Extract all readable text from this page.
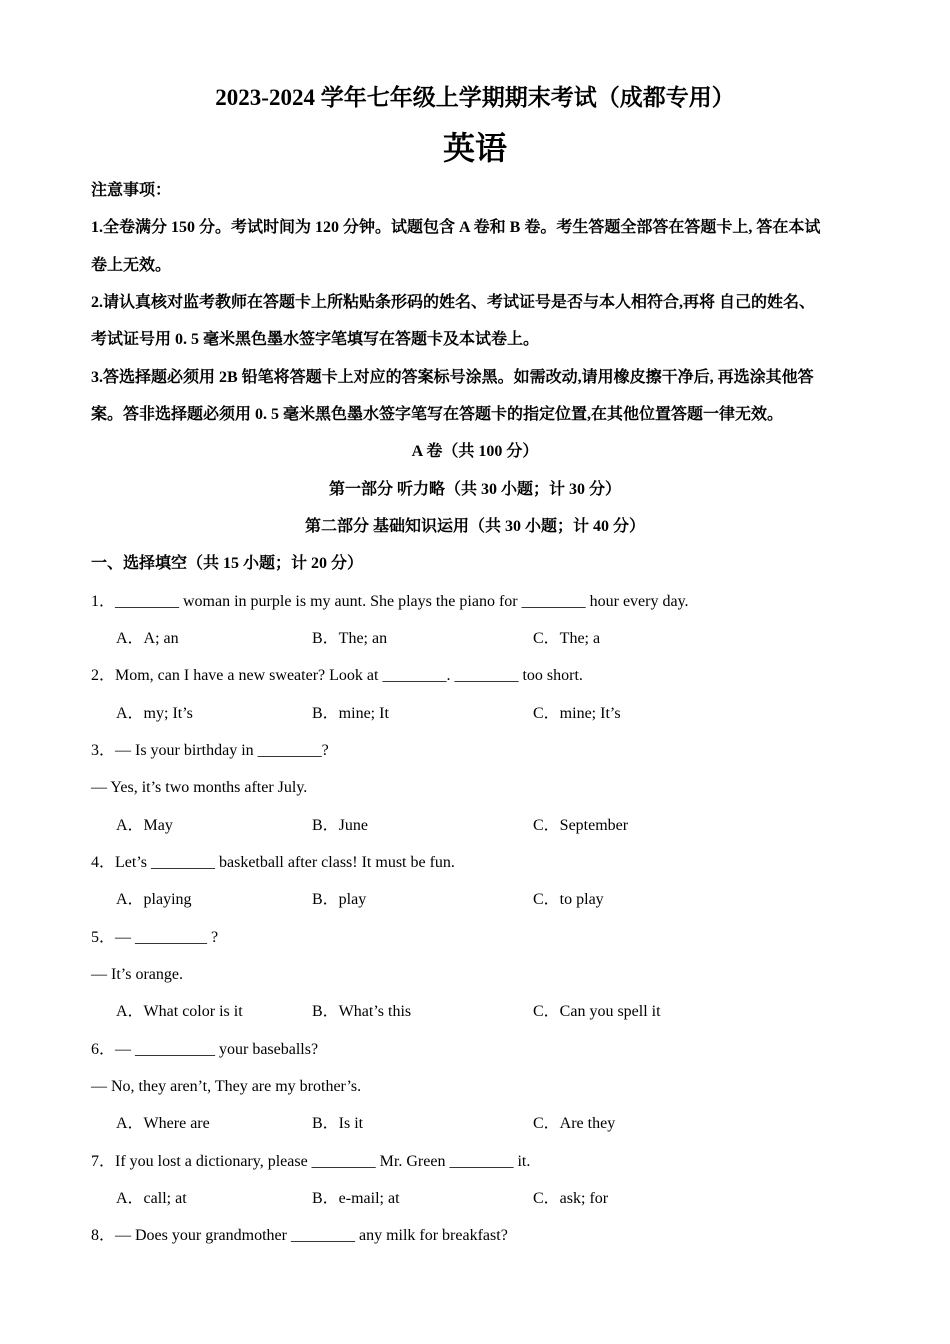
2023-2024 学年七年级上学期期末考试（成都专用）
英语
注意事项：
1.全卷满分 150 分。考试时间为 120 分钟。试题包含 A 卷和 B 卷。考生答题全部答在答题卡上, 答在本试
卷上无效。
2.请认真核对监考教师在答题卡上所粘贴条形码的姓名、考试证号是否与本人相符合,再将 自己的姓名、
考试证号用 0. 5 毫米黑色墨水签字笔填写在答题卡及本试卷上。
3.答选择题必须用 2B 铅笔将答题卡上对应的答案标号涂黑。如需改动,请用橡皮擦干净后, 再选涂其他答
案。答非选择题必须用 0. 5 毫米黑色墨水签字笔写在答题卡的指定位置,在其他位置答题一律无效。
A 卷（共 100 分）
第一部分 听力略（共 30 小题；计 30 分）
第二部分 基础知识运用（共 30 小题；计 40 分）
一、选择填空（共 15 小题；计 20 分）
1．________ woman in purple is my aunt. She plays the piano for ________ hour every day.
A．A; an	B．The; an	C．The; a
2．Mom, can I have a new sweater? Look at ________. ________ too short.
A．my; It’s	B．mine; It	C．mine; It’s
3．— Is your birthday in ________?
— Yes, it’s two months after July.
A．May	B．June	C．September
4．Let’s ________ basketball after class! It must be fun.
A．playing	B．play	C．to play
5．— _________ ?
— It’s orange.
A．What color is it	B．What’s this	C．Can you spell it
6．— __________ your baseballs?
— No, they aren’t, They are my brother’s.
A．Where are	B．Is it	C．Are they
7．If you lost a dictionary, please ________ Mr. Green ________ it.
A．call; at	B．e-mail; at	C．ask; for
8．— Does your grandmother ________ any milk for breakfast?
